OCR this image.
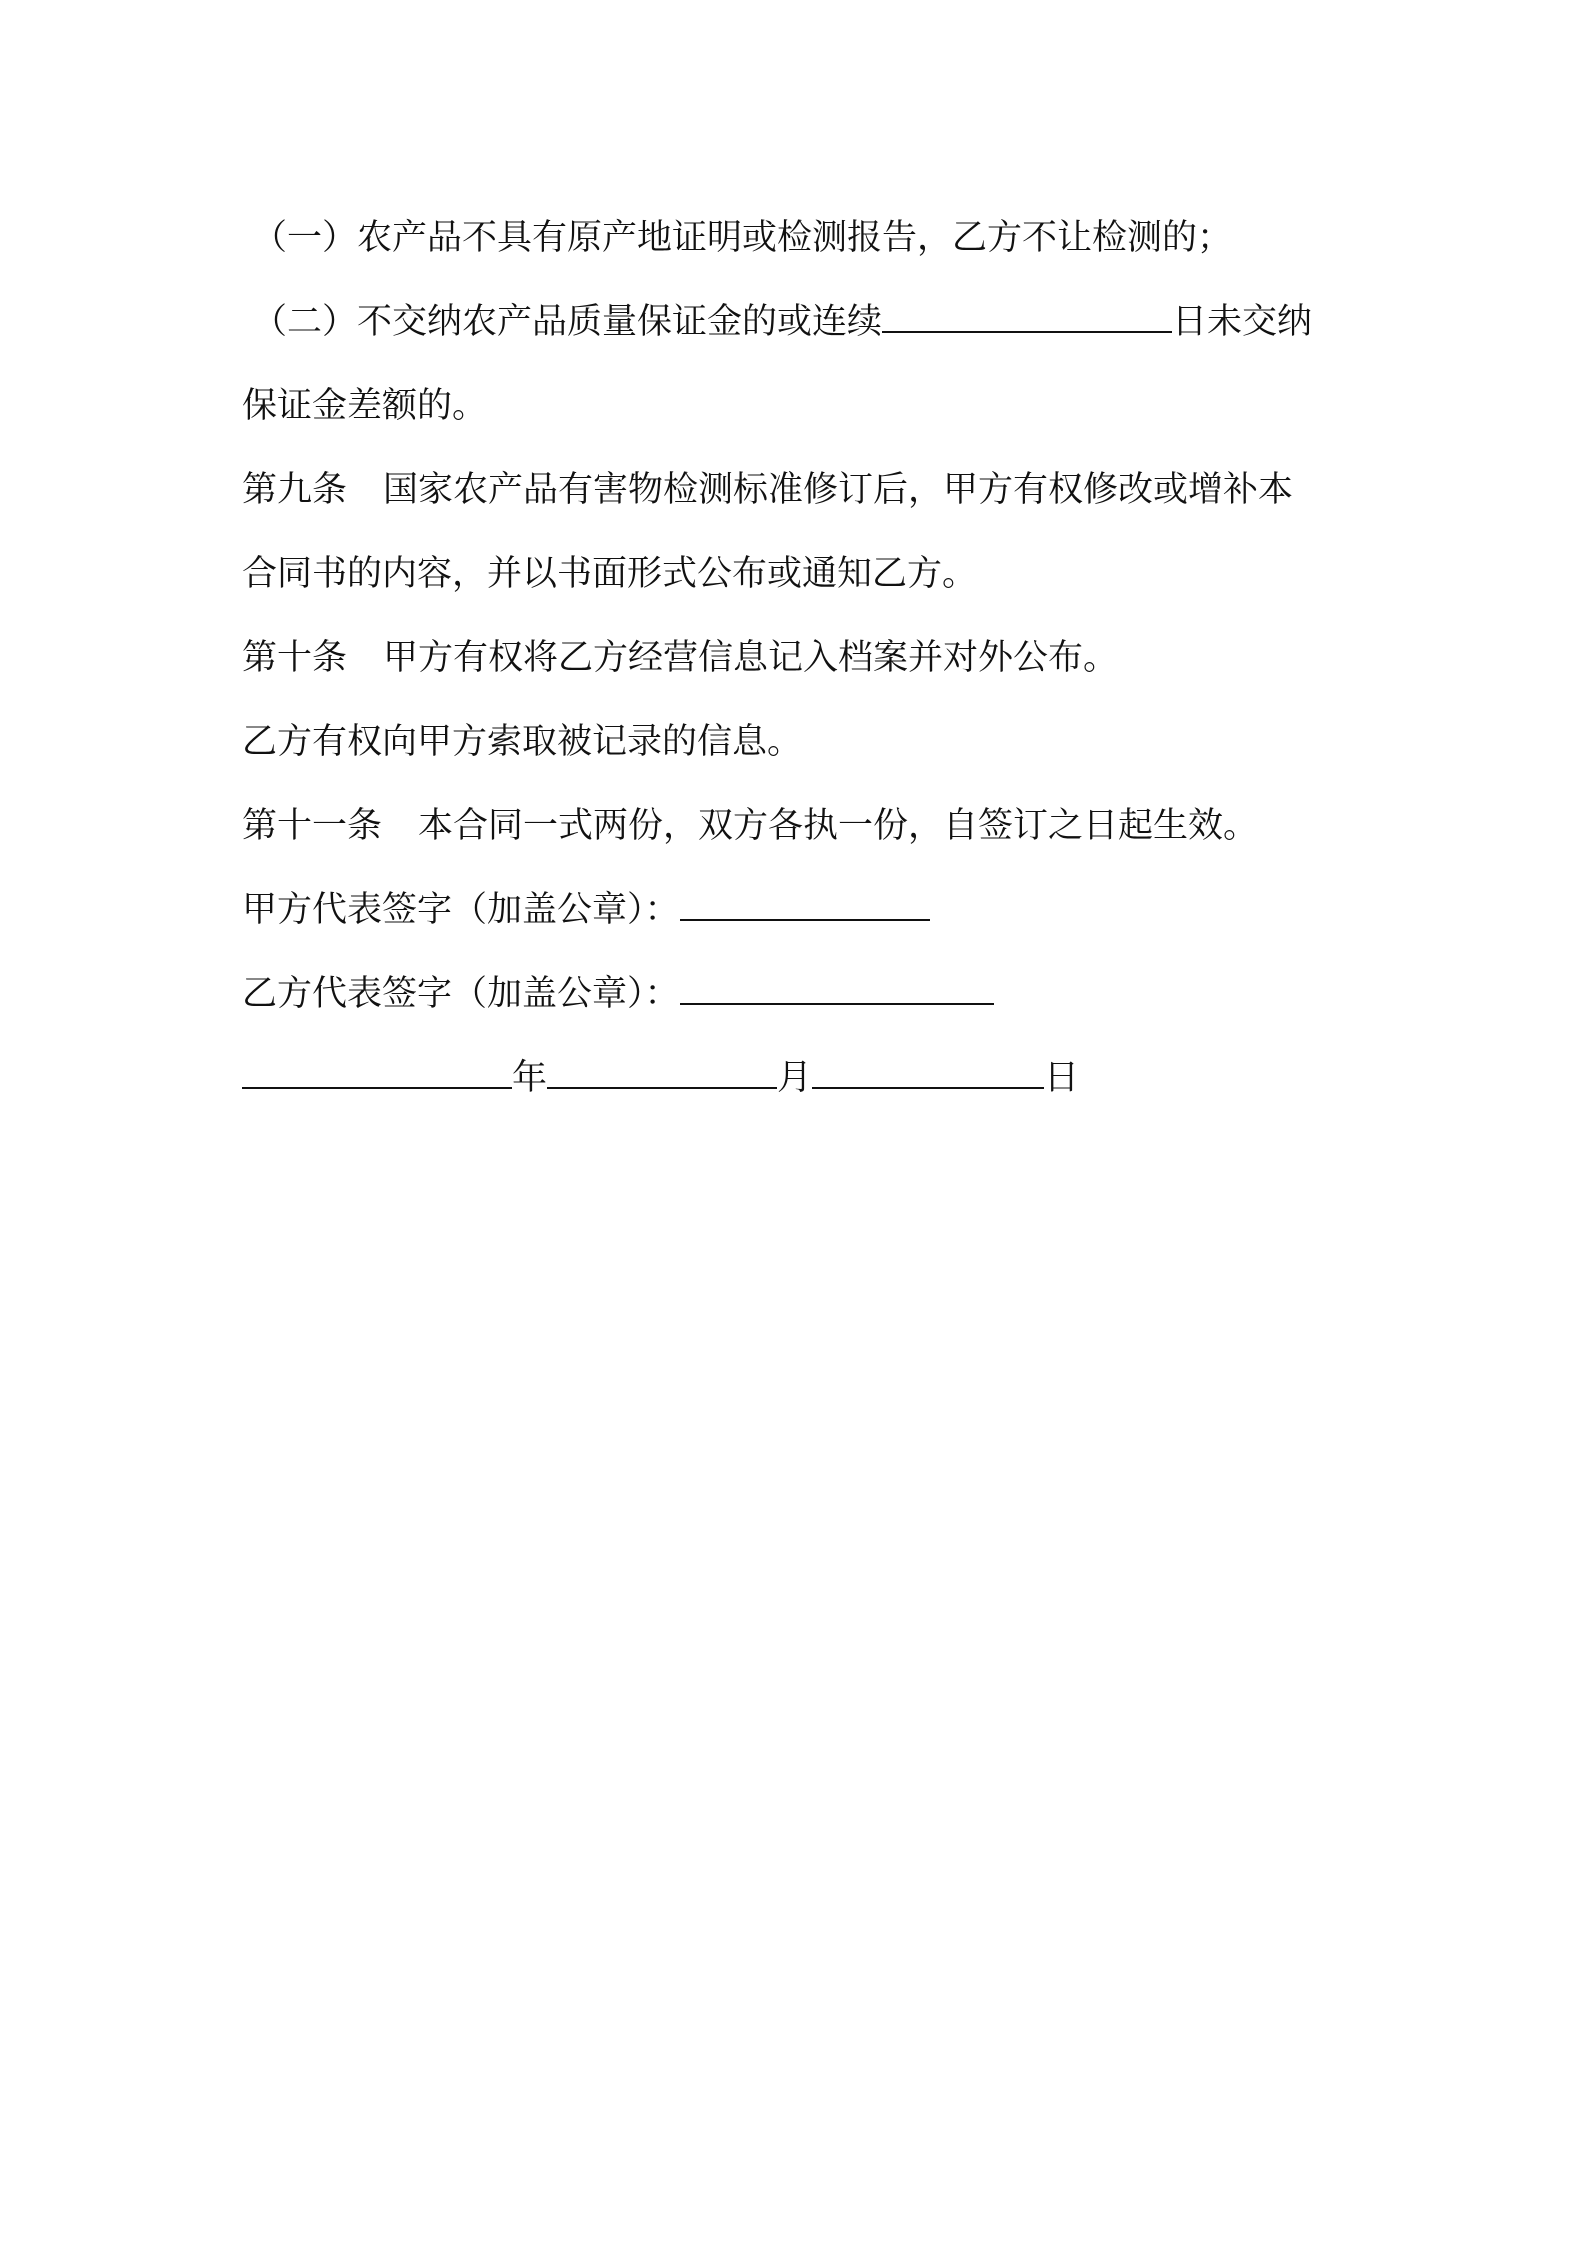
（一）农产品不具有原产地证明或检测报告，乙方不让检测的；
（二）不交纳农产品质量保证金的或连续	日未交纳
保证金差额的。
第九条 国家农产品有害物检测标准修订后，甲方有权修改或增补本
合同书的内容，并以书面形式公布或通知乙方。
第十条 甲方有权将乙方经营信息记入档案并对外公布。
乙方有权向甲方索取被记录的信息。
第十一条 本合同一式两份，双方各执一份，自签订之日起生效。
甲方代表签字（加盖公章）：
乙方代表签字（加盖公章）：
年	月	日
